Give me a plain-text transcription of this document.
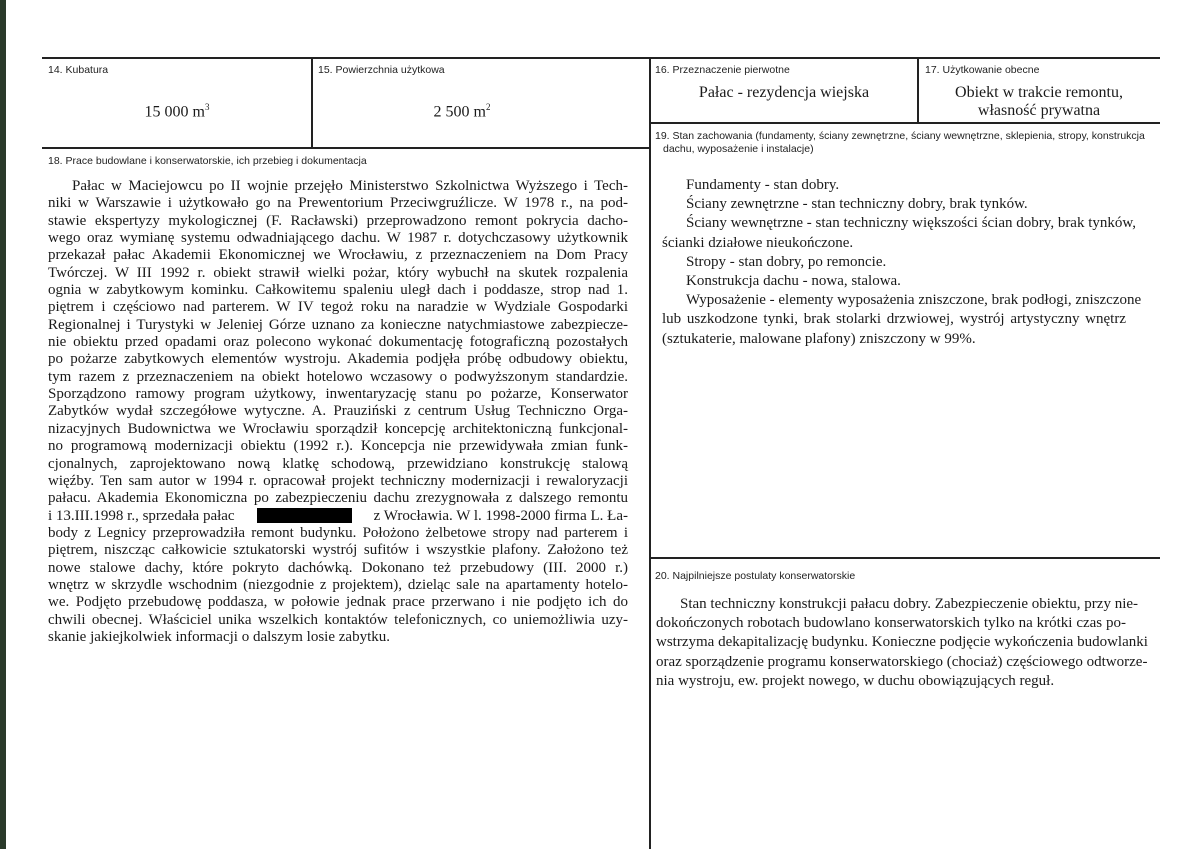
14. Kubatura
15 000 $m^3$
15. Powierzchnia użytkowa
2 500 $m^2$
16. Przeznaczenie pierwotne
Pałac - rezydencja wiejska
17. Użytkowanie obecne
Obiekt w trakcie remontu,
własność prywatna
18. Prace budowlane i konserwatorskie, ich przebieg i dokumentacja
Pałac w Maciejowcu po II wojnie przejęło Ministerstwo Szkolnictwa Wyższego i Tech-
niki w Warszawie i użytkowało go na Prewentorium Przeciwgruźlicze. W 1978 r., na pod-
stawie ekspertyzy mykologicznej (F. Racławski) przeprowadzono remont pokrycia dacho-
wego oraz wymianę systemu odwadniającego dachu. W 1987 r. dotychczasowy użytkownik
przekazał pałac Akademii Ekonomicznej we Wrocławiu, z przeznaczeniem na Dom Pracy
Twórczej. W III 1992 r. obiekt strawił wielki pożar, który wybuchł na skutek rozpalenia
ognia w zabytkowym kominku. Całkowitemu spaleniu uległ dach i poddasze, strop nad 1.
piętrem i częściowo nad parterem. W IV tegoż roku na naradzie w Wydziale Gospodarki
Regionalnej i Turystyki w Jeleniej Górze uznano za konieczne natychmiastowe zabezpiecze-
nie obiektu przed opadami oraz polecono wykonać dokumentację fotograficzną pozostałych
po pożarze zabytkowych elementów wystroju. Akademia podjęła próbę odbudowy obiektu,
tym razem z przeznaczeniem na obiekt hotelowo wczasowy o podwyższonym standardzie.
Sporządzono ramowy program użytkowy, inwentaryzację stanu po pożarze, Konserwator
Zabytków wydał szczegółowe wytyczne. A. Prauziński z centrum Usług Techniczno Orga-
nizacyjnych Budownictwa we Wrocławiu sporządził koncepcję architektoniczną funkcjonal-
no programową modernizacji obiektu (1992 r.). Koncepcja nie przewidywała zmian funk-
cjonalnych, zaprojektowano nową klatkę schodową, przewidziano konstrukcję stalową
więźby. Ten sam autor w 1994 r. opracował projekt techniczny modernizacji i rewaloryzacji
pałacu. Akademia Ekonomiczna po zabezpieczeniu dachu zrezygnowała z dalszego remontu
i 13.III.1998 r., sprzedała pałac	z Wrocławia. W l. 1998-2000 firma L. Ła-
body z Legnicy przeprowadziła remont budynku. Położono żelbetowe stropy nad parterem i
piętrem, niszcząc całkowicie sztukatorski wystrój sufitów i wszystkie plafony. Założono też
nowe stalowe dachy, które pokryto dachówką. Dokonano też przebudowy (III. 2000 r.)
wnętrz w skrzydle wschodnim (niezgodnie z projektem), dzieląc sale na apartamenty hotelo-
we. Podjęto przebudowę poddasza, w połowie jednak prace przerwano i nie podjęto ich do
chwili obecnej. Właściciel unika wszelkich kontaktów telefonicznych, co uniemożliwia uzy-
skanie jakiejkolwiek informacji o dalszym losie zabytku.
19. Stan zachowania (fundamenty, ściany zewnętrzne, ściany wewnętrzne, sklepienia, stropy, konstrukcja
dachu, wyposażenie i instalacje)
Fundamenty - stan dobry.
Ściany zewnętrzne - stan techniczny dobry, brak tynków.
Ściany wewnętrzne - stan techniczny większości ścian dobry, brak tynków,
ścianki działowe nieukończone.
Stropy - stan dobry, po remoncie.
Konstrukcja dachu - nowa, stalowa.
Wyposażenie - elementy wyposażenia zniszczone, brak podłogi, zniszczone
lub uszkodzone tynki, brak stolarki drzwiowej, wystrój artystyczny wnętrz
(sztukaterie, malowane plafony) zniszczony w 99%.
20. Najpilniejsze postulaty konserwatorskie
Stan techniczny konstrukcji pałacu dobry. Zabezpieczenie obiektu, przy nie-
dokończonych robotach budowlano konserwatorskich tylko na krótki czas po-
wstrzyma dekapitalizację budynku. Konieczne podjęcie wykończenia budowlanki
oraz sporządzenie programu konserwatorskiego (chociaż) częściowego odtworze-
nia wystroju, ew. projekt nowego, w duchu obowiązujących reguł.
